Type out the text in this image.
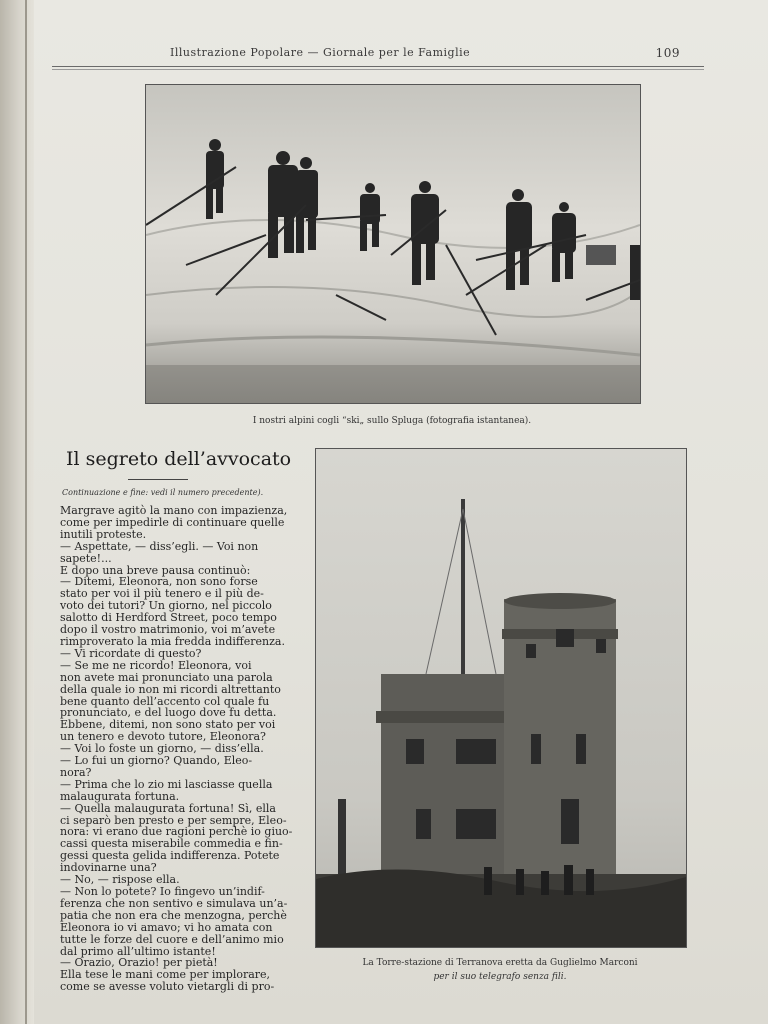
Illustrazione Popolare — Giornale per le Famiglie	109
I nostri alpini cogli “ski„ sullo Spluga (fotografia istantanea).
Il segreto dell’avvocato
Continuazione e fine: vedi il numero precedente).

Margrave agitò la mano con impazienza,

come per impedirle di continuare quelle

inutili proteste.

— Aspettate, — diss’egli. — Voi non

sapete!...

E dopo una breve pausa continuò:

— Ditemi, Eleonora, non sono forse

stato per voi il più tenero e il più de-

voto dei tutori? Un giorno, nel piccolo

salotto di Herdford Street, poco tempo

dopo il vostro matrimonio, voi m’avete

rimproverato la mia fredda indifferenza.

— Vi ricordate di questo?

— Se me ne ricordo! Eleonora, voi

non avete mai pronunciato una parola

della quale io non mi ricordi altrettanto

bene quanto dell’accento col quale fu

pronunciato, e del luogo dove fu detta.

Ebbene, ditemi, non sono stato per voi

un tenero e devoto tutore, Eleonora?

— Voi lo foste un giorno, — diss’ella.

— Lo fui un giorno? Quando, Eleo-

nora?

— Prima che lo zio mi lasciasse quella

malaugurata fortuna.

— Quella malaugurata fortuna! Sì, ella

ci separò ben presto e per sempre, Eleo-

nora: vi erano due ragioni perchè io giuo-

cassi questa miserabile commedia e fin-

gessi questa gelida indifferenza. Potete

indovinarne una?

— No, — rispose ella.

— Non lo potete? Io fingevo un’indif-

ferenza che non sentivo e simulava un’a-

patia che non era che menzogna, perchè

Eleonora io vi amavo; vi ho amata con

tutte le forze del cuore e dell’animo mio

dal primo all’ultimo istante!

— Orazio, Orazio! per pietà!

Ella tese le mani come per implorare,

come se avesse voluto vietargli di pro-

La Torre-stazione di Terranova eretta da Guglielmo Marconi
per il suo telegrafo senza fili.
